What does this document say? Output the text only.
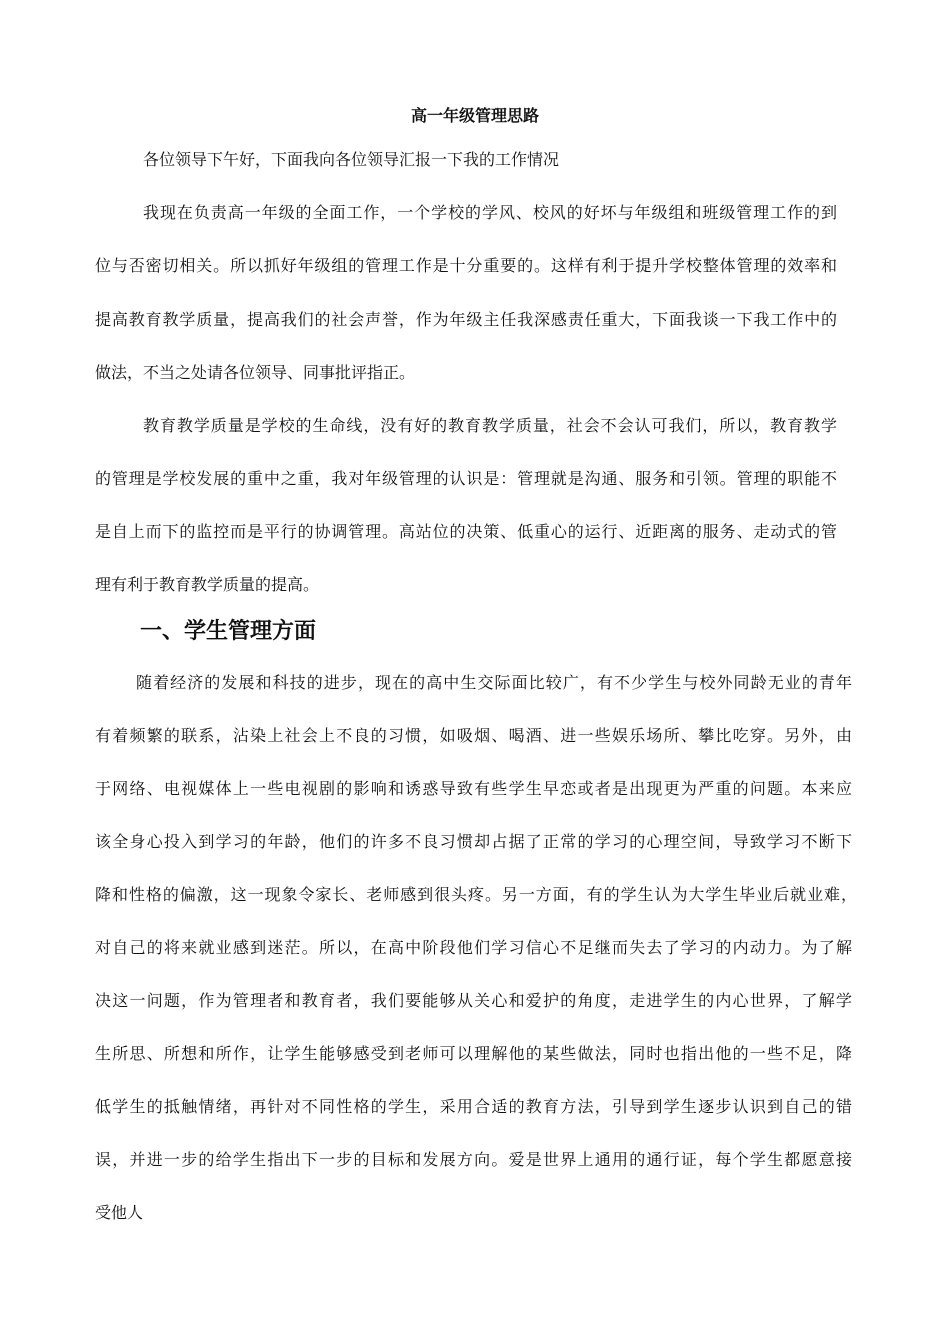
高一年级管理思路
各位领导下午好，下面我向各位领导汇报一下我的工作情况
我现在负责高一年级的全面工作，一个学校的学风、校风的好坏与年级组和班级管理工作的到
位与否密切相关。所以抓好年级组的管理工作是十分重要的。这样有利于提升学校整体管理的效率和
提高教育教学质量，提高我们的社会声誉，作为年级主任我深感责任重大，下面我谈一下我工作中的
做法，不当之处请各位领导、同事批评指正。
教育教学质量是学校的生命线，没有好的教育教学质量，社会不会认可我们，所以，教育教学
的管理是学校发展的重中之重，我对年级管理的认识是：管理就是沟通、服务和引领。管理的职能不
是自上而下的监控而是平行的协调管理。高站位的决策、低重心的运行、近距离的服务、走动式的管
理有利于教育教学质量的提高。
一、学生管理方面
随着经济的发展和科技的进步，现在的高中生交际面比较广，有不少学生与校外同龄无业的青年
有着频繁的联系，沾染上社会上不良的习惯，如吸烟、喝酒、进一些娱乐场所、攀比吃穿。另外，由
于网络、电视媒体上一些电视剧的影响和诱惑导致有些学生早恋或者是出现更为严重的问题。本来应
该全身心投入到学习的年龄，他们的许多不良习惯却占据了正常的学习的心理空间，导致学习不断下
降和性格的偏激，这一现象令家长、老师感到很头疼。另一方面，有的学生认为大学生毕业后就业难，
对自己的将来就业感到迷茫。所以，在高中阶段他们学习信心不足继而失去了学习的内动力。为了解
决这一问题，作为管理者和教育者，我们要能够从关心和爱护的角度，走进学生的内心世界，了解学
生所思、所想和所作，让学生能够感受到老师可以理解他的某些做法，同时也指出他的一些不足，降
低学生的抵触情绪，再针对不同性格的学生，采用合适的教育方法，引导到学生逐步认识到自己的错
误，并进一步的给学生指出下一步的目标和发展方向。爱是世界上通用的通行证，每个学生都愿意接
受他人
